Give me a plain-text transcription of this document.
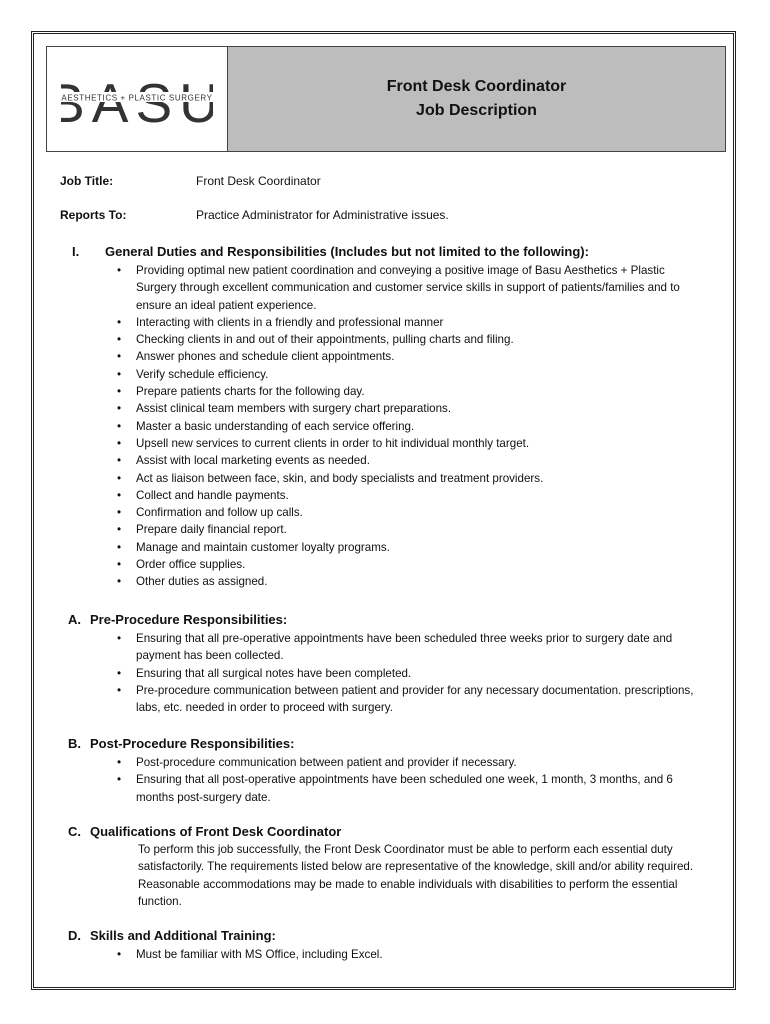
AESTHETICS + PLASTIC SURGERY
Front Desk Coordinator
Job Description
Job Title:	Front Desk Coordinator
Reports To:	Practice Administrator for Administrative issues.
I. General Duties and Responsibilities (Includes but not limited to the following):
• Providing optimal new patient coordination and conveying a positive image of Basu Aesthetics + Plastic Surgery through excellent communication and customer service skills in support of patients/families and to ensure an ideal patient experience.
• Interacting with clients in a friendly and professional manner
• Checking clients in and out of their appointments, pulling charts and filing.
• Answer phones and schedule client appointments.
• Verify schedule efficiency.
• Prepare patients charts for the following day.
• Assist clinical team members with surgery chart preparations.
• Master a basic understanding of each service offering.
• Upsell new services to current clients in order to hit individual monthly target.
• Assist with local marketing events as needed.
• Act as liaison between face, skin, and body specialists and treatment providers.
• Collect and handle payments.
• Confirmation and follow up calls.
• Prepare daily financial report.
• Manage and maintain customer loyalty programs.
• Order office supplies.
• Other duties as assigned.
A. Pre-Procedure Responsibilities:
• Ensuring that all pre-operative appointments have been scheduled three weeks prior to surgery date and payment has been collected.
• Ensuring that all surgical notes have been completed.
• Pre-procedure communication between patient and provider for any necessary documentation. prescriptions, labs, etc. needed in order to proceed with surgery.
B. Post-Procedure Responsibilities:
• Post-procedure communication between patient and provider if necessary.
• Ensuring that all post-operative appointments have been scheduled one week, 1 month, 3 months, and 6 months post-surgery date.
C. Qualifications of Front Desk Coordinator
To perform this job successfully, the Front Desk Coordinator must be able to perform each essential duty satisfactorily. The requirements listed below are representative of the knowledge, skill and/or ability required. Reasonable accommodations may be made to enable individuals with disabilities to perform the essential function.
D. Skills and Additional Training:
• Must be familiar with MS Office, including Excel.
